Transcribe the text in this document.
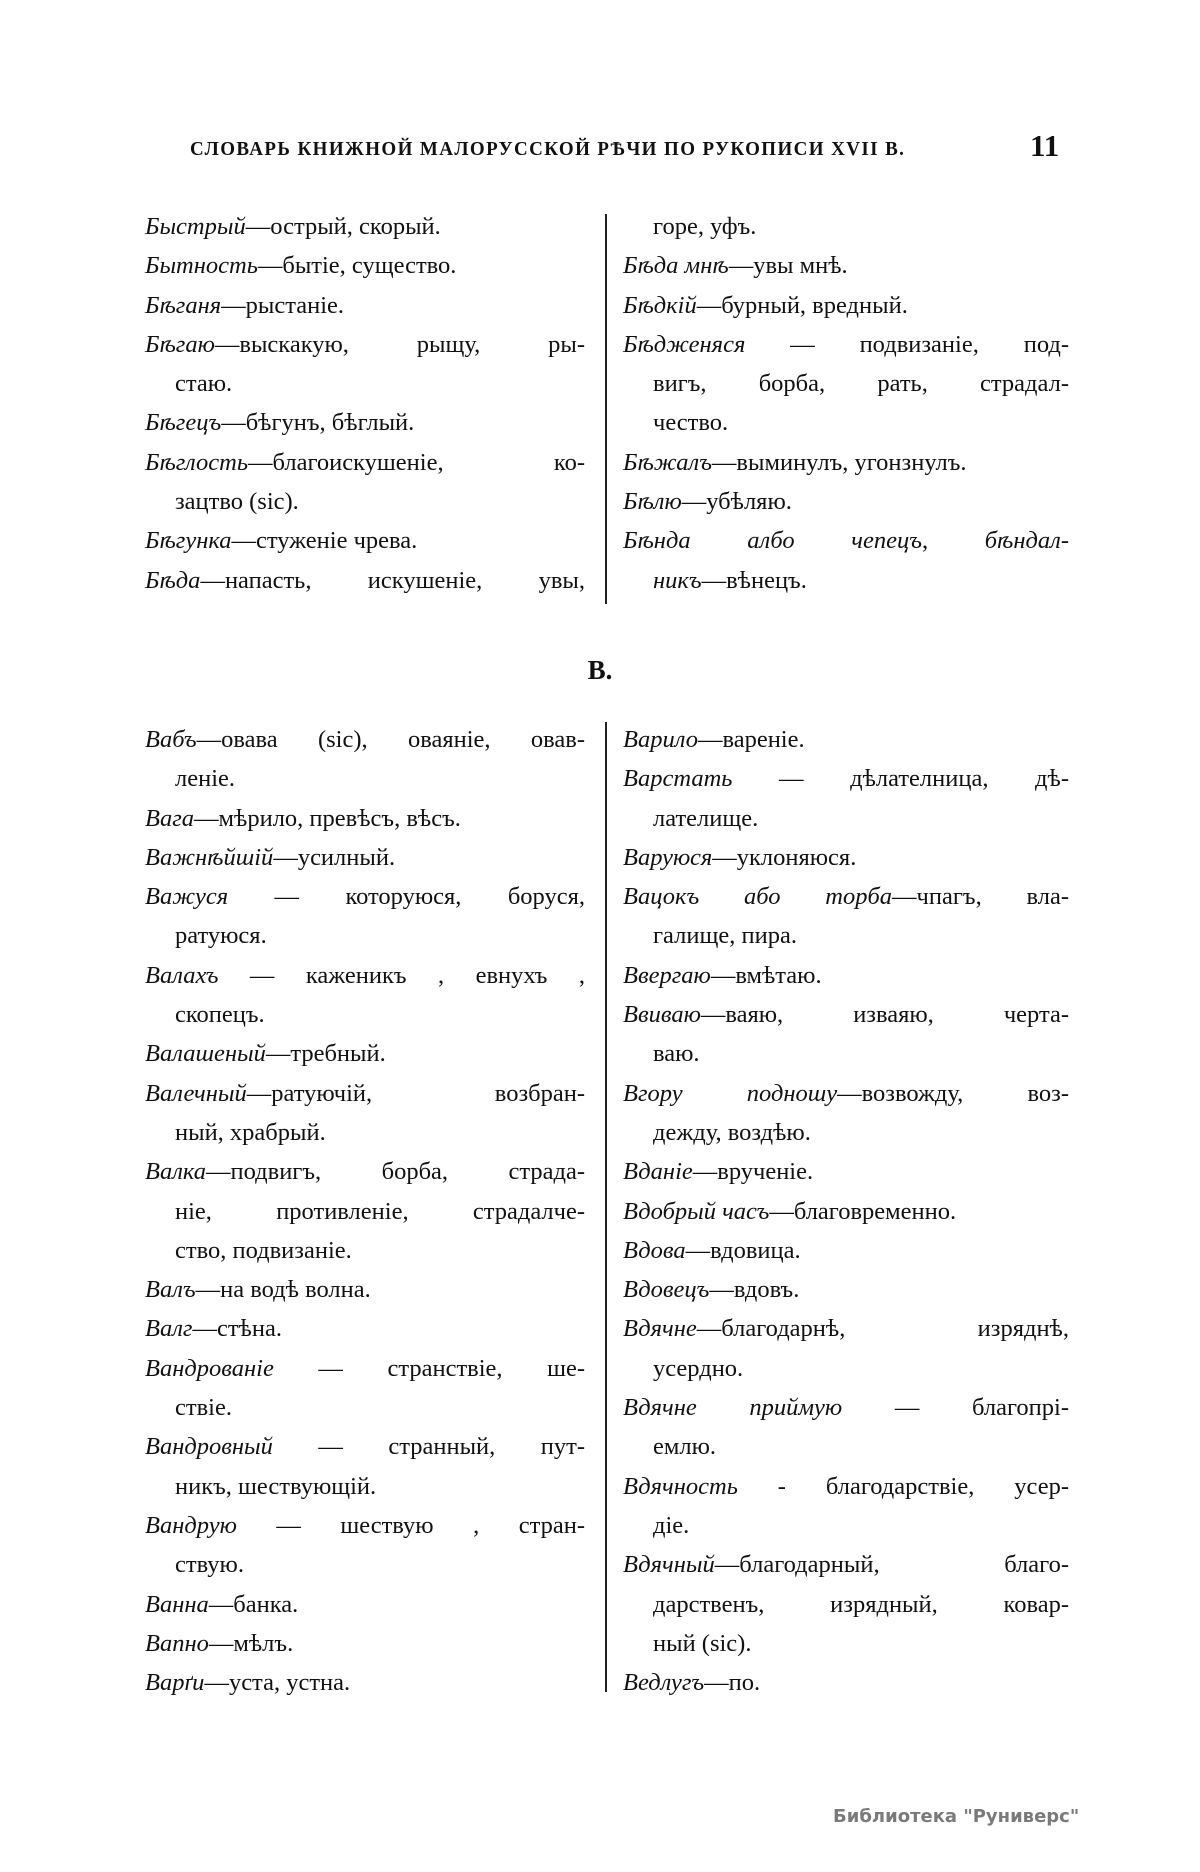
СЛОВАРЬ КНИЖНОЙ МАЛОРУССКОЙ РѢЧИ ПО РУКОПИСИ XVII В.	11
Быстрый—острый, скорый.
Бытность—бытіе, существо.
Бѣганя—рыстаніе.
Бѣгаю—выскакую, рыщу, ры-
стаю.
Бѣгецъ—бѣгунъ, бѣглый.
Бѣглость—благоискушеніе, ко-
зацтво (sic).
Бѣгунка—стуженіе чрева.
Бѣда—напасть, искушеніе, увы,
горе, уфъ.
Бѣда мнѣ—увы мнѣ.
Бѣдкій—бурный, вредный.
Бѣдженяся — подвизаніе, под-
вигъ, борба, рать, страдал-
чество.
Бѣжалъ—выминулъ, угонзнулъ.
Бѣлю—убѣляю.
Бѣнда албо чепецъ, бѣндал-
никъ—вѣнецъ.
В.
Вабъ—овава (sic), оваяніе, овав-
леніе.
Вага—мѣрило, превѣсъ, вѣсъ.
Важнѣйшій—усилный.
Важуся — которуюся, боруся,
ратуюся.
Валахъ — каженикъ , евнухъ ,
скопецъ.
Валашеный—требный.
Валечный—ратуючій, возбран-
ный, храбрый.
Валка—подвигъ, борба, страда-
ніе, противленіе, страдалче-
ство, подвизаніе.
Валъ—на водѣ волна.
Валг—стѣна.
Вандрованіе — странствіе, ше-
ствіе.
Вандровный — странный, пут-
никъ, шествующій.
Вандрую — шествую , стран-
ствую.
Ванна—банка.
Вапно—мѣлъ.
Варґи—уста, устна.
Варило—вареніе.
Варстать — дѣлателница, дѣ-
лателище.
Варуюся—уклоняюся.
Вацокъ або торба—чпагъ, вла-
галище, пира.
Ввергаю—вмѣтаю.
Ввиваю—ваяю, изваяю, черта-
ваю.
Вгору подношу—возвожду, воз-
дежду, воздѣю.
Вданіе—врученіе.
Вдобрый часъ—благовременно.
Вдова—вдовица.
Вдовецъ—вдовъ.
Вдячне—благодарнѣ, изряднѣ,
усердно.
Вдячне приймую — благопрі-
емлю.
Вдячность - благодарствіе, усер-
діе.
Вдячный—благодарный, благо-
дарственъ, изрядный, ковар-
ный (sic).
Ведлугъ—по.
Библиотека "Руниверс"
